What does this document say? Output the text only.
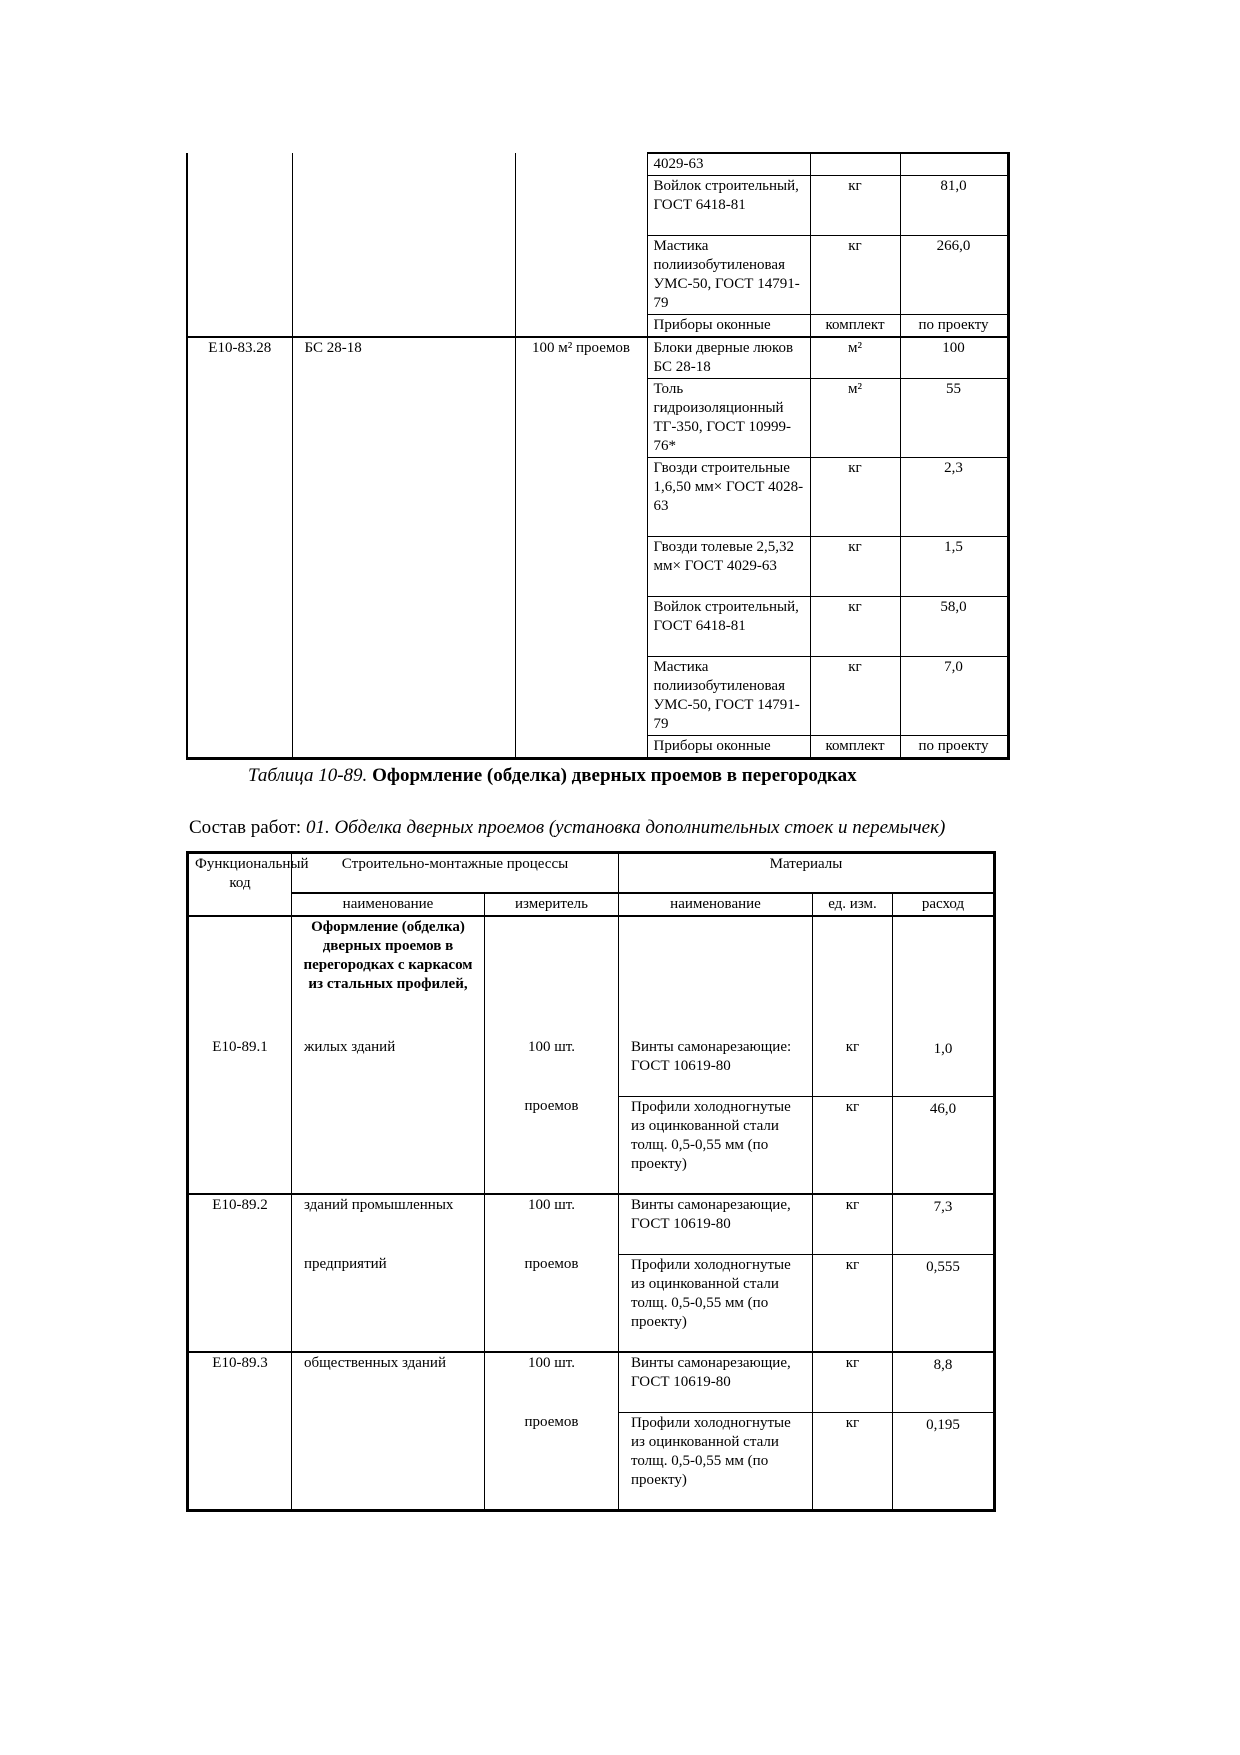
			4029-63		
			Войлок строительный, ГОСТ 6418-81	кг	81,0
			Мастика полиизобутиленовая УМС-50, ГОСТ 14791-79	кг	266,0
			Приборы оконные	комплект	по проекту
Е10-83.28	БС 28-18	100 м² проемов	Блоки дверные люков БС 28-18	м²	100
			Толь гидроизоляционный ТГ-350, ГОСТ 10999-76*	м²	55
			Гвозди строительные 1,6,50 мм× ГОСТ 4028-63	кг	2,3
			Гвозди толевые 2,5,32 мм× ГОСТ 4029-63	кг	1,5
			Войлок строительный, ГОСТ 6418-81	кг	58,0
			Мастика полиизобутиленовая УМС-50, ГОСТ 14791-79	кг	7,0
			Приборы оконные	комплект	по проекту
Таблица 10-89. Оформление (обделка) дверных проемов в перегородках
Состав работ: 01. Обделка дверных проемов (установка дополнительных стоек и перемычек)
Функциональный код	Строительно-монтажные процессы		Материалы		
	наименование	измеритель	наименование	ед. изм.	расход
	Оформление (обделка) дверных проемов в перегородках с каркасом из стальных профилей,				
Е10-89.1	жилых зданий	100 шт.	Винты самонарезающие: ГОСТ 10619-80	кг	1,0
		проемов	Профили холодногнутые из оцинкованной стали толщ. 0,5-0,55 мм (по проекту)	кг	46,0
Е10-89.2	зданий промышленных	100 шт.	Винты самонарезающие, ГОСТ 10619-80	кг	7,3
	предприятий	проемов	Профили холодногнутые из оцинкованной стали толщ. 0,5-0,55 мм (по проекту)	кг	0,555
Е10-89.3	общественных зданий	100 шт.	Винты самонарезающие, ГОСТ 10619-80	кг	8,8
		проемов	Профили холодногнутые из оцинкованной стали толщ. 0,5-0,55 мм (по проекту)	кг	0,195
